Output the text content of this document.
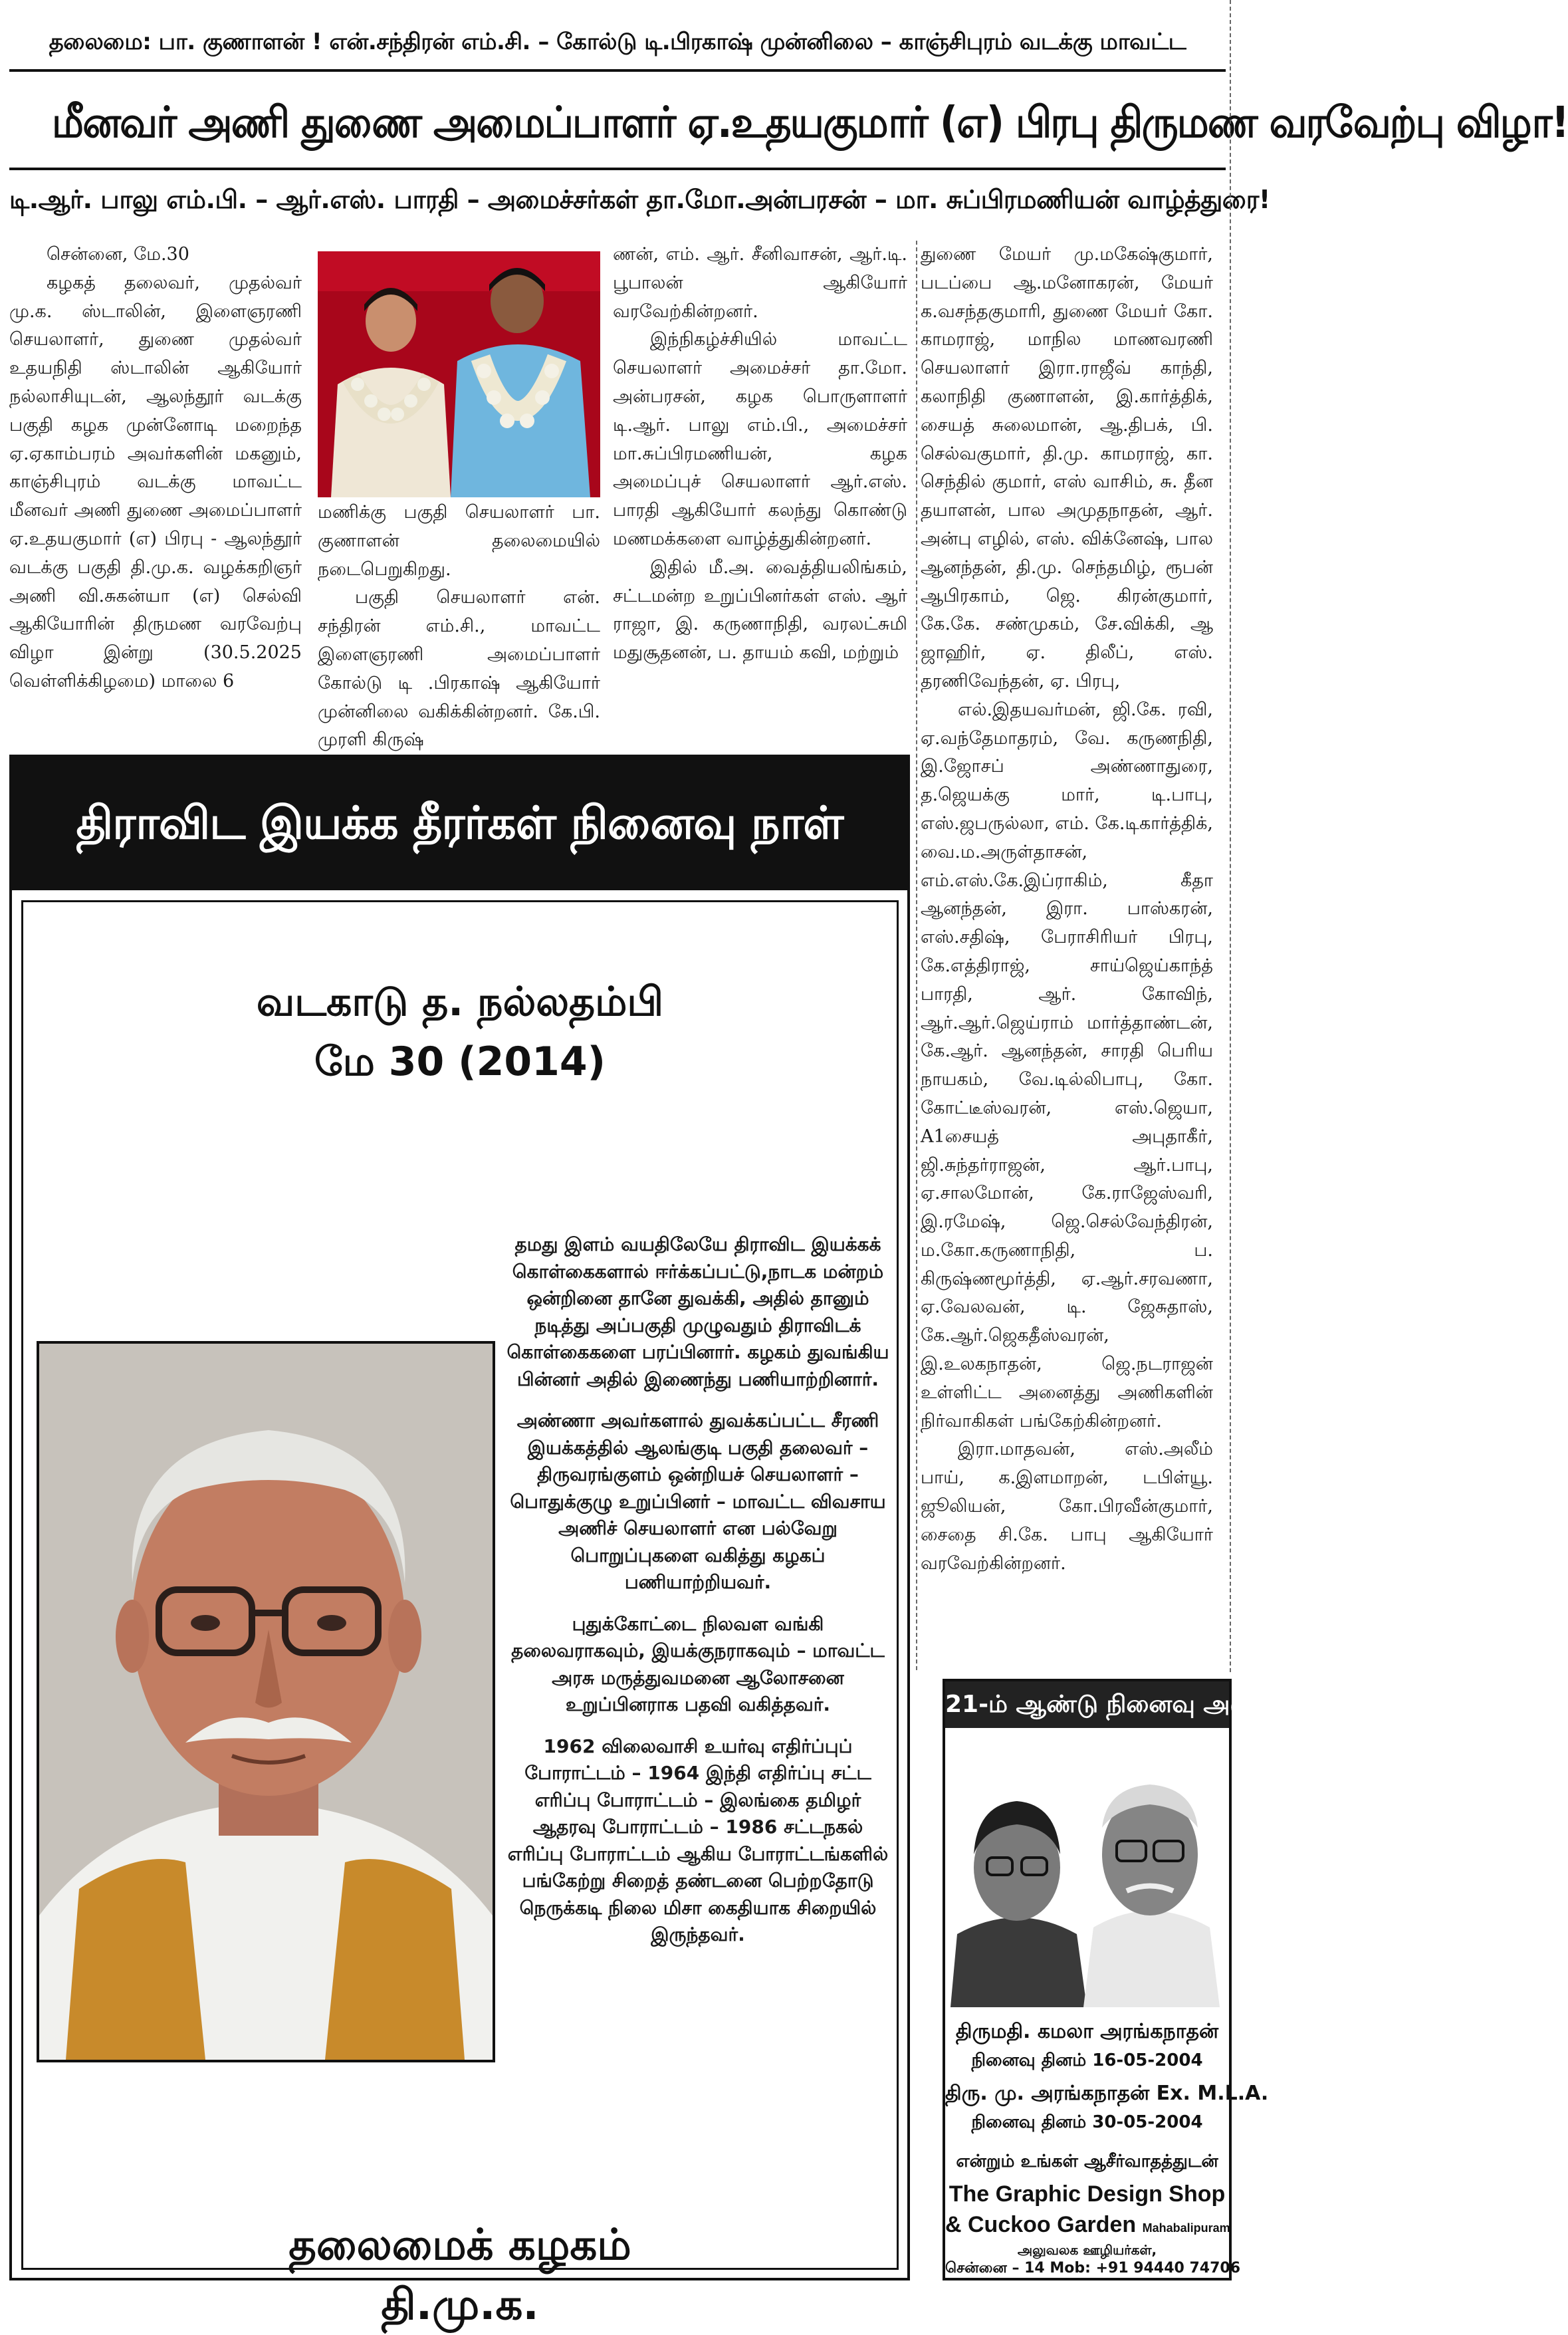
தலைமை: பா. குணாளன் ! என்.சந்திரன் எம்.சி. – கோல்டு டி.பிரகாஷ் முன்னிலை – காஞ்சிபுரம் வடக்கு மாவட்ட
மீனவர் அணி துணை அமைப்பாளர் ஏ.உதயகுமார் (எ) பிரபு திருமண வரவேற்பு விழா!
டி.ஆர். பாலு எம்.பி. – ஆர்.எஸ். பாரதி – அமைச்சர்கள் தா.மோ.அன்பரசன் – மா. சுப்பிரமணியன் வாழ்த்துரை!

சென்னை, மே.30

கழகத் தலைவர், முதல்வர் மு.க. ஸ்டாலின், இளைஞரணி செயலாளர், துணை முதல்வர் உதயநிதி ஸ்டாலின் ஆகியோர் நல்லாசியுடன், ஆலந்தூர் வடக்கு பகுதி கழக முன்னோடி மறைந்த ஏ.ஏகாம்பரம் அவர்களின் மகனும், காஞ்சிபுரம் வடக்கு மாவட்ட மீனவர் அணி துணை அமைப்பாளர் ஏ.உதயகுமார் (எ) பிரபு - ஆலந்தூர் வடக்கு பகுதி தி.மு.க. வழக்கறிஞர் அணி வி.சுகன்யா (எ) செல்வி ஆகியோரின் திருமண வரவேற்பு விழா இன்று (30.5.2025 வெள்ளிக்கிழமை) மாலை 6

மணிக்கு பகுதி செயலாளர் பா. குணாளன் தலைமையில் நடைபெறுகிறது.

பகுதி செயலாளர் என். சந்திரன் எம்.சி., மாவட்ட இளைஞரணி அமைப்பாளர் கோல்டு டி .பிரகாஷ் ஆகியோர் முன்னிலை வகிக்கின்றனர். கே.பி. முரளி கிருஷ்

ணன், எம். ஆர். சீனிவாசன், ஆர்.டி. பூபாலன் ஆகியோர் வரவேற்கின்றனர்.

இந்நிகழ்ச்சியில் மாவட்ட செயலாளர் அமைச்சர் தா.மோ. அன்பரசன், கழக பொருளாளர் டி.ஆர். பாலு எம்.பி., அமைச்சர் மா.சுப்பிரமணியன், கழக அமைப்புச் செயலாளர் ஆர்.எஸ். பாரதி ஆகியோர் கலந்து கொண்டு மணமக்களை வாழ்த்துகின்றனர்.

இதில் மீ.அ. வைத்தியலிங்கம், சட்டமன்ற உறுப்பினர்கள் எஸ். ஆர் ராஜா, இ. கருணாநிதி, வரலட்சுமி மதுசூதனன், ப. தாயம் கவி, மற்றும்

துணை மேயர் மு.மகேஷ்குமார், படப்பை ஆ.மனோகரன், மேயர் க.வசந்தகுமாரி, துணை மேயர் கோ. காமராஜ், மாநில மாணவரணி செயலாளர் இரா.ராஜீவ் காந்தி, கலாநிதி குணாளன், இ.கார்த்திக், சையத் சுலைமான், ஆ.திபக், பி. செல்வகுமார், தி.மு. காமராஜ், கா. செந்தில் குமார், எஸ் வாசிம், சு. தீன தயாளன், பால அமுதநாதன், ஆர். அன்பு எழில், எஸ். விக்னேஷ், பால ஆனந்தன், தி.மு. செந்தமிழ், ரூபன் ஆபிரகாம், ஜெ. கிரன்குமார், கே.கே. சண்முகம், சே.விக்கி, ஆ ஜாஹிர், ஏ. திலீப், எஸ். தரணிவேந்தன், ஏ. பிரபு,

எல்.இதயவர்மன், ஜி.கே. ரவி, ஏ.வந்தேமாதரம், வே. கருணநிதி, இ.ஜோசப் அண்ணாதுரை, த.ஜெயக்கு மார், டி.பாபு, எஸ்.ஜபருல்லா, எம். கே.டிகார்த்திக், வை.ம.அருள்தாசன், எம்.எஸ்.கே.இப்ராகிம், கீதா ஆனந்தன், இரா. பாஸ்கரன், எஸ்.சதிஷ், பேராசிரியர் பிரபு, கே.எத்திராஜ், சாய்ஜெய்காந்த் பாரதி, ஆர். கோவிந், ஆர்.ஆர்.ஜெய்ராம் மார்த்தாண்டன், கே.ஆர். ஆனந்தன், சாரதி பெரிய நாயகம், வே.டில்லிபாபு, கோ. கோட்டீஸ்வரன், எஸ்.ஜெயா, A1சையத் அபுதாகீர், ஜி.சுந்தர்ராஜன், ஆர்.பாபு, ஏ.சாலமோன், கே.ராஜேஸ்வரி, இ.ரமேஷ், ஜெ.செல்வேந்திரன், ம.கோ.கருணாநிதி, ப. கிருஷ்ணமூர்த்தி, ஏ.ஆர்.சரவணா, ஏ.வேலவன், டி. ஜேசுதாஸ், கே.ஆர்.ஜெகதீஸ்வரன், இ.உலகநாதன், ஜெ.நடராஜன் உள்ளிட்ட அனைத்து அணிகளின் நிர்வாகிகள் பங்கேற்கின்றனர்.

இரா.மாதவன், எஸ்.அலீம் பாய், க.இளமாறன், டபிள்யூ. ஜூலியன், கோ.பிரவீன்குமார், சைதை சி.கே. பாபு ஆகியோர் வரவேற்கின்றனர்.

திராவிட இயக்க தீரர்கள் நினைவு நாள்
வடகாடு த. நல்லதம்பி
மே 30 (2014)

தமது இளம் வயதிலேயே திராவிட இயக்கக் கொள்கைகளால் ஈர்க்கப்பட்டு,நாடக மன்றம் ஒன்றினை தானே துவக்கி, அதில் தானும் நடித்து அப்பகுதி முழுவதும் திராவிடக் கொள்கைகளை பரப்பினார். கழகம் துவங்கிய பின்னர் அதில் இணைந்து பணியாற்றினார்.

அண்ணா அவர்களால் துவக்கப்பட்ட சீரணி இயக்கத்தில் ஆலங்குடி பகுதி தலைவர் – திருவரங்குளம் ஒன்றியச் செயலாளர் – பொதுக்குழு உறுப்பினர் – மாவட்ட விவசாய அணிச் செயலாளர் என பல்வேறு பொறுப்புகளை வகித்து கழகப் பணியாற்றியவர்.

புதுக்கோட்டை நிலவள வங்கி தலைவராகவும், இயக்குநராகவும் – மாவட்ட அரசு மருத்துவமனை ஆலோசனை உறுப்பினராக பதவி வகித்தவர்.

1962 விலைவாசி உயர்வு எதிர்ப்புப் போராட்டம் – 1964 இந்தி எதிர்ப்பு சட்ட எரிப்பு போராட்டம் – இலங்கை தமிழர் ஆதரவு போராட்டம் – 1986 சட்டநகல் எரிப்பு போராட்டம் ஆகிய போராட்டங்களில் பங்கேற்று சிறைத் தண்டனை பெற்றதோடு நெருக்கடி நிலை மிசா கைதியாக சிறையில் இருந்தவர்.

தலைமைக் கழகம்
தி.மு.க.
21-ம் ஆண்டு நினைவு அஞ்சலி
திருமதி. கமலா அரங்கநாதன்
நினைவு தினம் 16-05-2004
திரு. மு. அரங்கநாதன் Ex. M.L.A.
நினைவு தினம் 30-05-2004
என்றும் உங்கள் ஆசீர்வாதத்துடன்
The Graphic Design Shop
& Cuckoo Garden Mahabalipuram
அலுவலக ஊழியர்கள்,
சென்னை – 14 Mob: +91 94440 74706
